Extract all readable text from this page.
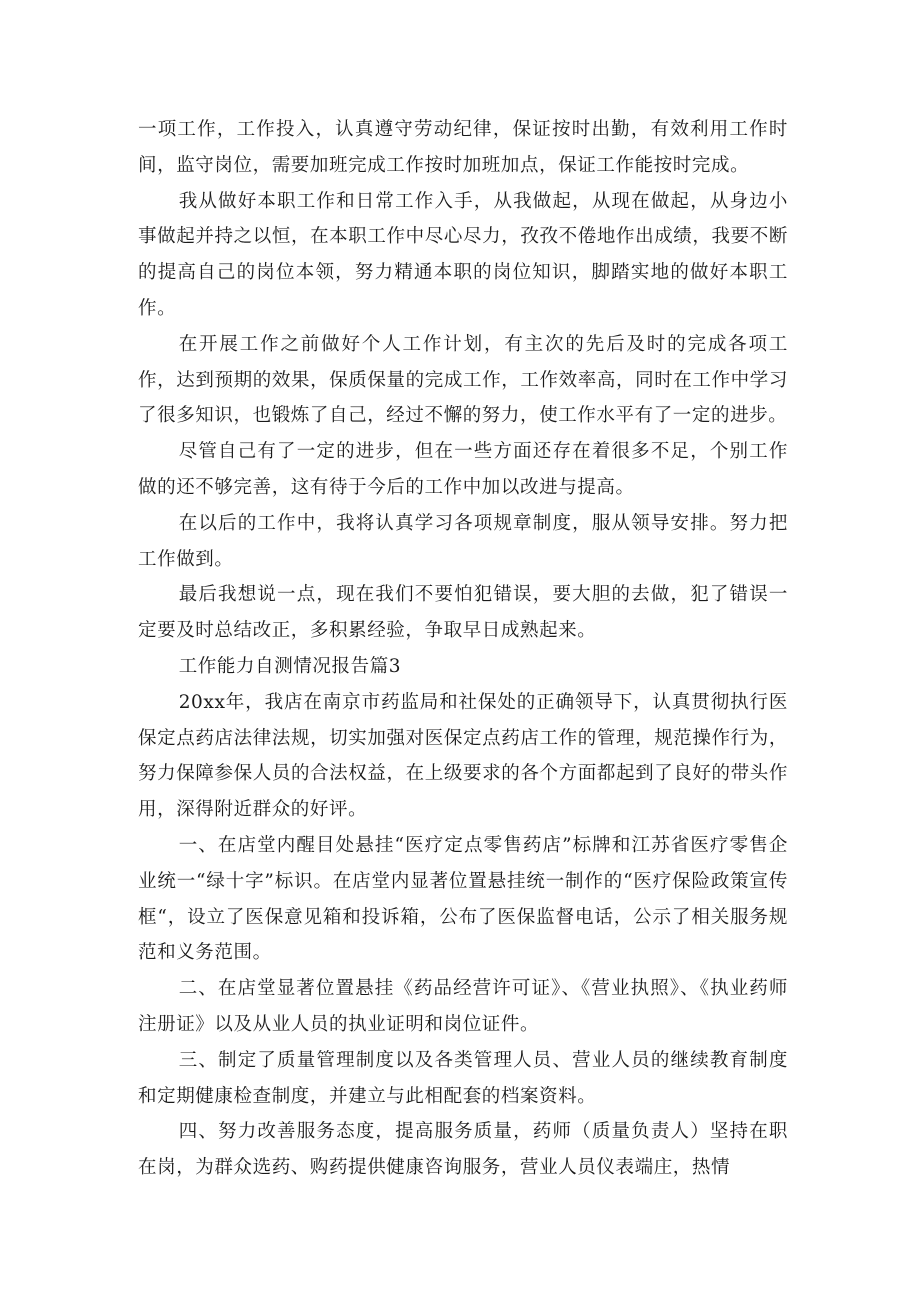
一项工作，工作投入，认真遵守劳动纪律，保证按时出勤，有效利用工作时间，监守岗位，需要加班完成工作按时加班加点，保证工作能按时完成。

我从做好本职工作和日常工作入手，从我做起，从现在做起，从身边小事做起并持之以恒，在本职工作中尽心尽力，孜孜不倦地作出成绩，我要不断的提高自己的岗位本领，努力精通本职的岗位知识，脚踏实地的做好本职工作。

在开展工作之前做好个人工作计划，有主次的先后及时的完成各项工作，达到预期的效果，保质保量的完成工作，工作效率高，同时在工作中学习了很多知识，也锻炼了自己，经过不懈的努力，使工作水平有了一定的进步。

尽管自己有了一定的进步，但在一些方面还存在着很多不足，个别工作做的还不够完善，这有待于今后的工作中加以改进与提高。

在以后的工作中，我将认真学习各项规章制度，服从领导安排。努力把工作做到。

最后我想说一点，现在我们不要怕犯错误，要大胆的去做，犯了错误一定要及时总结改正，多积累经验，争取早日成熟起来。

工作能力自测情况报告篇3

20xx年，我店在南京市药监局和社保处的正确领导下，认真贯彻执行医保定点药店法律法规，切实加强对医保定点药店工作的管理，规范操作行为，努力保障参保人员的合法权益，在上级要求的各个方面都起到了良好的带头作用，深得附近群众的好评。

一、在店堂内醒目处悬挂“医疗定点零售药店”标牌和江苏省医疗零售企业统一“绿十字”标识。在店堂内显著位置悬挂统一制作的“医疗保险政策宣传框“，设立了医保意见箱和投诉箱，公布了医保监督电话，公示了相关服务规范和义务范围。

二、在店堂显著位置悬挂《药品经营许可证》、《营业执照》、《执业药师注册证》以及从业人员的执业证明和岗位证件。

三、制定了质量管理制度以及各类管理人员、营业人员的继续教育制度和定期健康检查制度，并建立与此相配套的档案资料。

四、努力改善服务态度，提高服务质量，药师（质量负责人）坚持在职在岗，为群众选药、购药提供健康咨询服务，营业人员仪表端庄，热情
